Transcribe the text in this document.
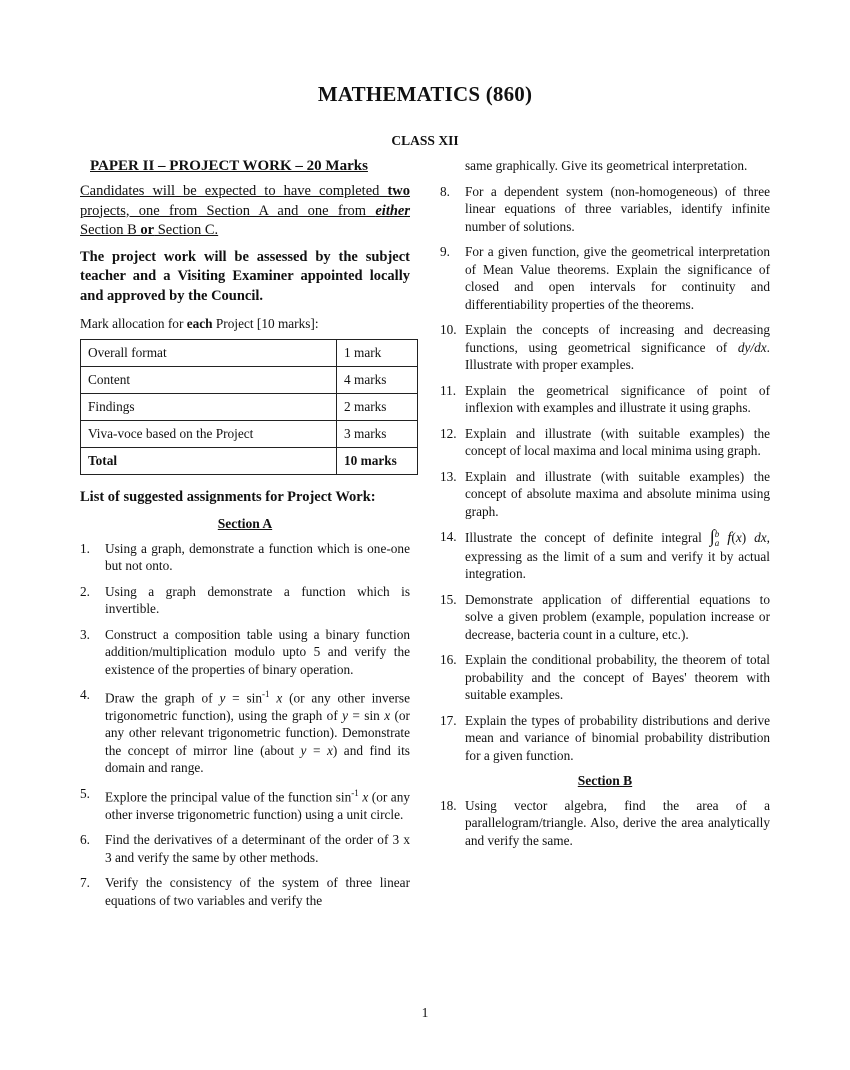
MATHEMATICS (860)
CLASS XII
PAPER II – PROJECT WORK – 20 Marks

Candidates will be expected to have completed two projects, one from Section A and one from either Section B or Section C.

The project work will be assessed by the subject teacher and a Visiting Examiner appointed locally and approved by the Council.

Mark allocation for each Project [10 marks]:

Overall format	1 mark
Content	4 marks
Findings	2 marks
Viva-voce based on the Project	3 marks
Total	10 marks

List of suggested assignments for Project Work:

Section A
1.	Using a graph, demonstrate a function which is one-one but not onto.
2.	Using a graph demonstrate a function which is invertible.
3.	Construct a composition table using a binary function addition/multiplication modulo upto 5 and verify the existence of the properties of binary operation.
4.	Draw the graph of $y = \sin^{-1} x$ (or any other inverse trigonometric function), using the graph of y = sin x (or any other relevant trigonometric function). Demonstrate the concept of mirror line (about y = x) and find its domain and range.
5.	Explore the principal value of the function $\sin^{-1} x$ (or any other inverse trigonometric function) using a unit circle.
6.	Find the derivatives of a determinant of the order of 3 x 3 and verify the same by other methods.
7.	Verify the consistency of the system of three linear equations of two variables and verify the
same graphically. Give its geometrical interpretation.
8.	For a dependent system (non-homogeneous) of three linear equations of three variables, identify infinite number of solutions.
9.	For a given function, give the geometrical interpretation of Mean Value theorems. Explain the significance of closed and open intervals for continuity and differentiability properties of the theorems.
10. Explain the concepts of increasing and decreasing functions, using geometrical significance of dy/dx. Illustrate with proper examples.
11. Explain the geometrical significance of point of inflexion with examples and illustrate it using graphs.
12. Explain and illustrate (with suitable examples) the concept of local maxima and local minima using graph.
13. Explain and illustrate (with suitable examples) the concept of absolute maxima and absolute minima using graph.
14. Illustrate the concept of definite integral ∫ b
a f(x) dx, expressing as the limit of a sum and verify it by actual integration.
15. Demonstrate application of differential equations to solve a given problem (example, population increase or decrease, bacteria count in a culture, etc.).
16. Explain the conditional probability, the theorem of total probability and the concept of Bayes' theorem with suitable examples.
17. Explain the types of probability distributions and derive mean and variance of binomial probability distribution for a given function.
Section B
18. Using vector algebra, find the area of a parallelogram/triangle. Also, derive the area analytically and verify the same.
1
